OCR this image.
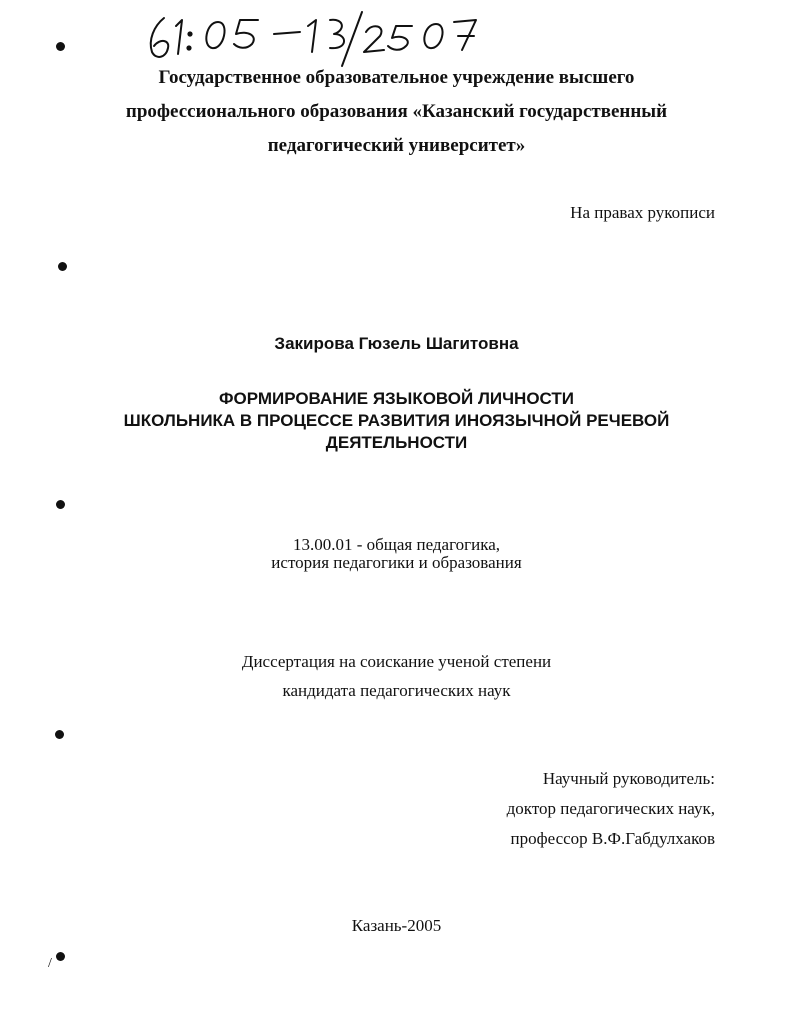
/
Государственное образовательное учреждение высшего
профессионального образования «Казанский государственный
педагогический университет»
На правах рукописи
Закирова Гюзель Шагитовна
ФОРМИРОВАНИЕ ЯЗЫКОВОЙ ЛИЧНОСТИ
ШКОЛЬНИКА В ПРОЦЕССЕ РАЗВИТИЯ ИНОЯЗЫЧНОЙ РЕЧЕВОЙ
ДЕЯТЕЛЬНОСТИ
13.00.01 - общая педагогика,
история педагогики и образования
Диссертация на соискание ученой степени
кандидата педагогических наук
Научный руководитель:
доктор педагогических наук,
профессор В.Ф.Габдулхаков
Казань-2005
